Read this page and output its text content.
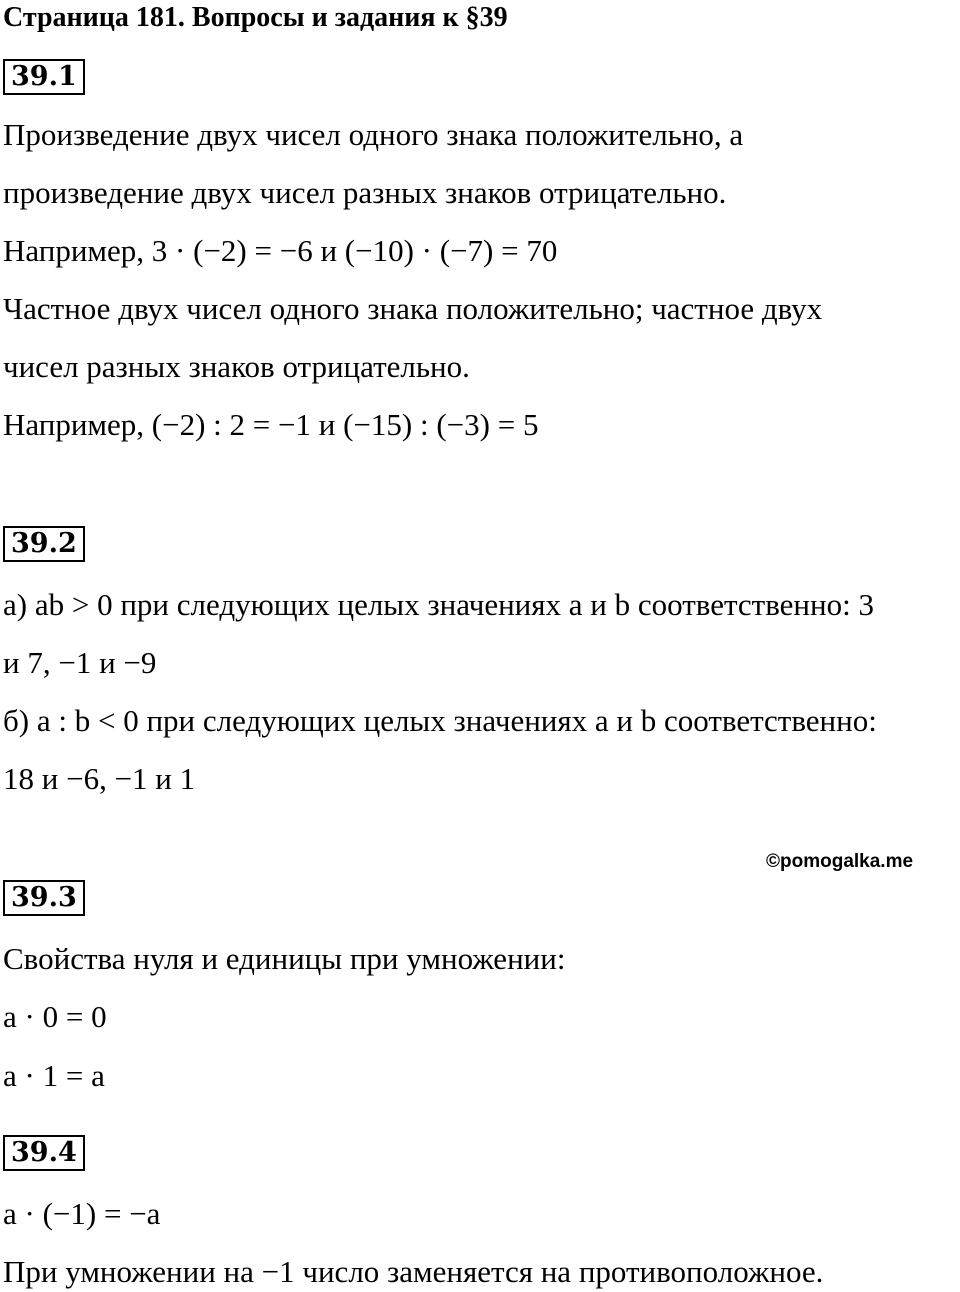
Страница 181. Вопросы и задания к §39
39.1
Произведение двух чисел одного знака положительно, а
произведение двух чисел разных знаков отрицательно.
Например, 3 · (−2) = −6 и (−10) · (−7) = 70
Частное двух чисел одного знака положительно; частное двух
чисел разных знаков отрицательно.
Например, (−2) : 2 = −1 и (−15) : (−3) = 5
39.2
а) ab > 0 при следующих целых значениях a и b соответственно: 3
и 7, −1 и −9
б) a : b < 0 при следующих целых значениях a и b соответственно:
18 и −6, −1 и 1
©pomogalka.me
39.3
Свойства нуля и единицы при умножении:
a · 0 = 0
a · 1 = a
39.4
a · (−1) = −a
При умножении на −1 число заменяется на противоположное.
